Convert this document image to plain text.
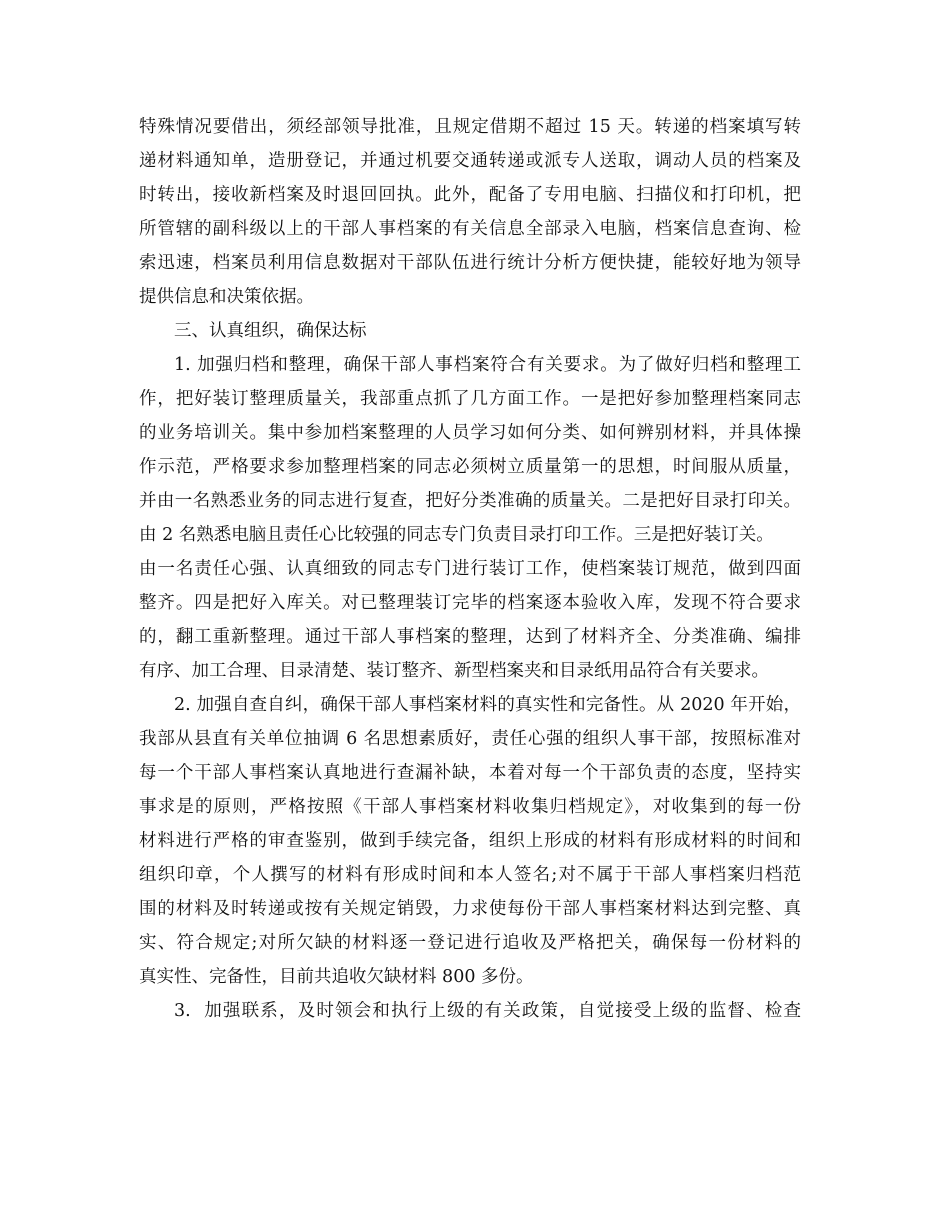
特殊情况要借出，须经部领导批准，且规定借期不超过 15 天。转递的档案填写转
递材料通知单，造册登记，并通过机要交通转递或派专人送取，调动人员的档案及
时转出，接收新档案及时退回回执。此外，配备了专用电脑、扫描仪和打印机，把
所管辖的副科级以上的干部人事档案的有关信息全部录入电脑，档案信息查询、检
索迅速，档案员利用信息数据对干部队伍进行统计分析方便快捷，能较好地为领导
提供信息和决策依据。
三、认真组织，确保达标
1. 加强归档和整理，确保干部人事档案符合有关要求。为了做好归档和整理工
作，把好装订整理质量关，我部重点抓了几方面工作。一是把好参加整理档案同志
的业务培训关。集中参加档案整理的人员学习如何分类、如何辨别材料，并具体操
作示范，严格要求参加整理档案的同志必须树立质量第一的思想，时间服从质量，
并由一名熟悉业务的同志进行复查，把好分类准确的质量关。二是把好目录打印关。
由 2 名熟悉电脑且责任心比较强的同志专门负责目录打印工作。三是把好装订关。
由一名责任心强、认真细致的同志专门进行装订工作，使档案装订规范，做到四面
整齐。四是把好入库关。对已整理装订完毕的档案逐本验收入库，发现不符合要求
的，翻工重新整理。通过干部人事档案的整理，达到了材料齐全、分类准确、编排
有序、加工合理、目录清楚、装订整齐、新型档案夹和目录纸用品符合有关要求。
2. 加强自查自纠，确保干部人事档案材料的真实性和完备性。从 2020 年开始，
我部从县直有关单位抽调 6 名思想素质好，责任心强的组织人事干部，按照标准对
每一个干部人事档案认真地进行查漏补缺，本着对每一个干部负责的态度，坚持实
事求是的原则，严格按照《干部人事档案材料收集归档规定》，对收集到的每一份
材料进行严格的审查鉴别，做到手续完备，组织上形成的材料有形成材料的时间和
组织印章，个人撰写的材料有形成时间和本人签名;对不属于干部人事档案归档范
围的材料及时转递或按有关规定销毁，力求使每份干部人事档案材料达到完整、真
实、符合规定;对所欠缺的材料逐一登记进行追收及严格把关，确保每一份材料的
真实性、完备性，目前共追收欠缺材料 800 多份。
3.  加强联系，及时领会和执行上级的有关政策，自觉接受上级的监督、检查
